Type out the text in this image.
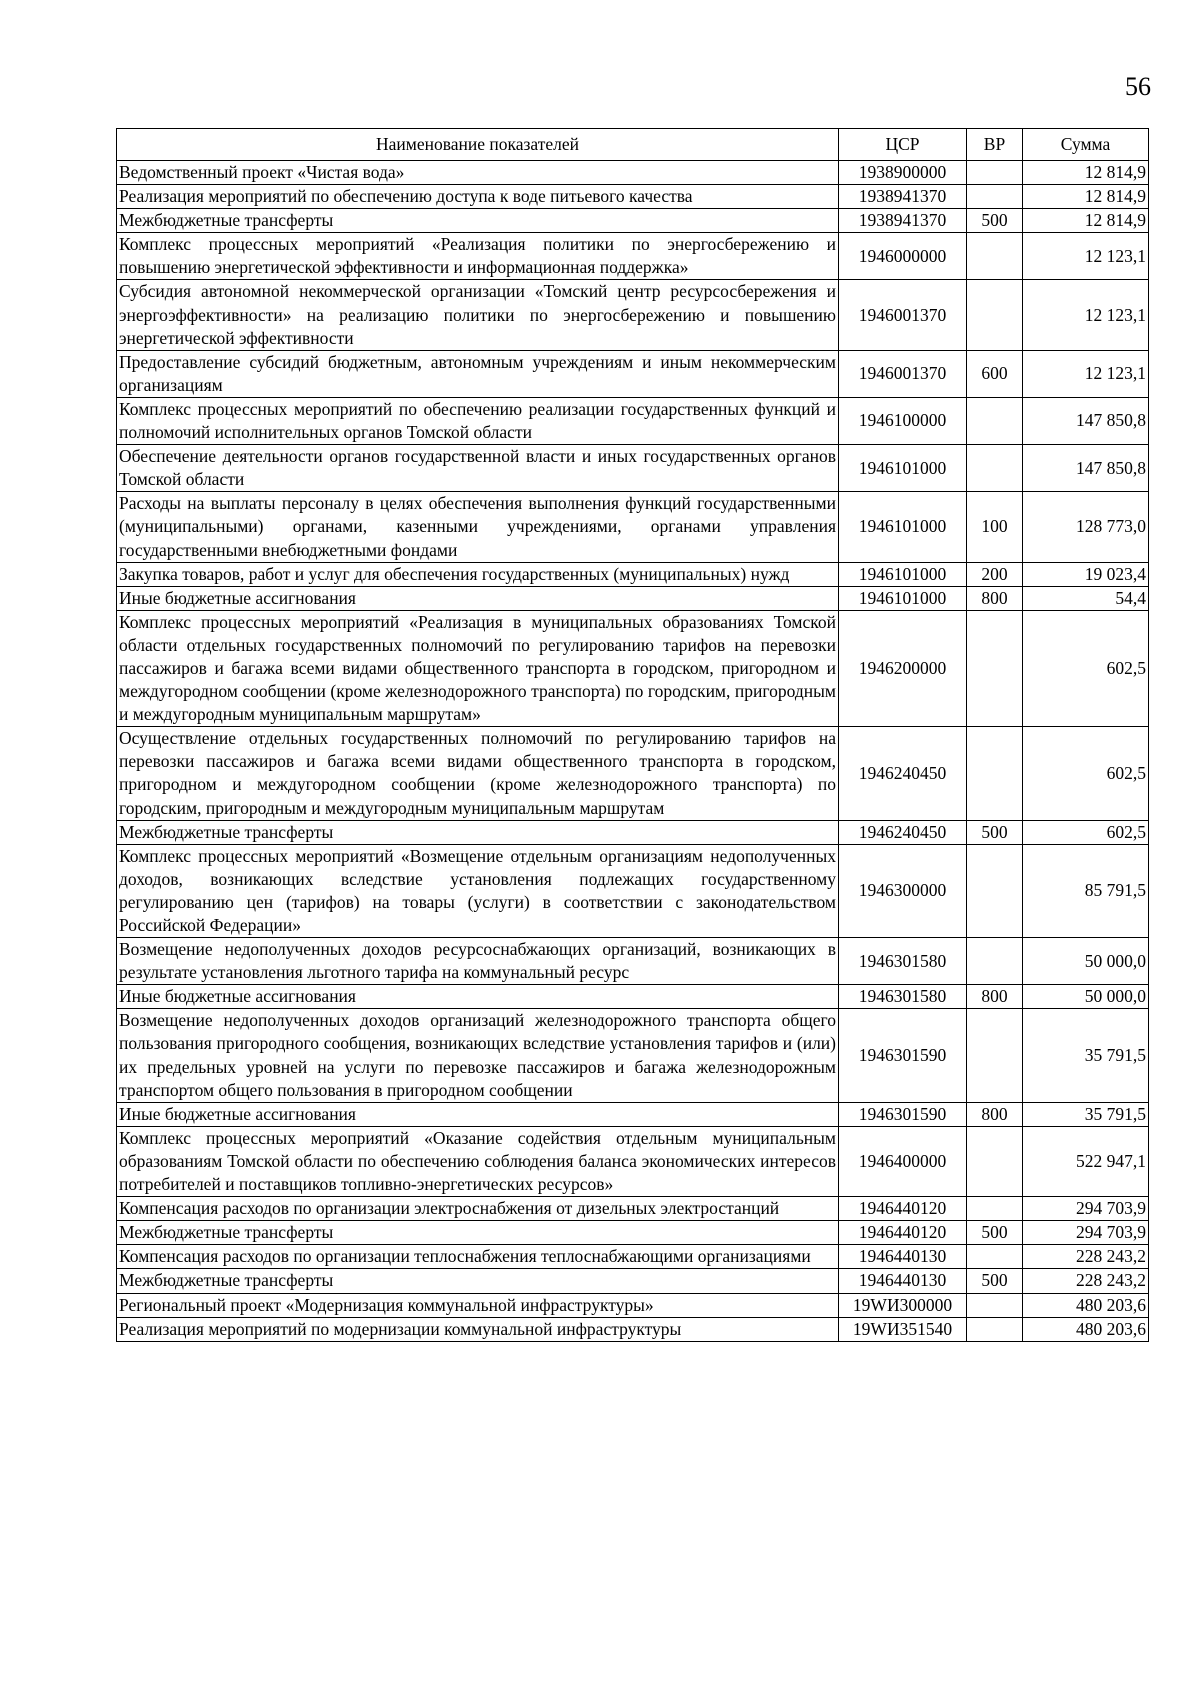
56
Наименование показателей	ЦСР	ВР	Сумма
Ведомственный проект «Чистая вода»	1938900000		12 814,9
Реализация мероприятий по обеспечению доступа к воде питьевого качества	1938941370		12 814,9
Межбюджетные трансферты	1938941370	500	12 814,9
Комплекс процессных мероприятий «Реализация политики по энергосбережению и повышению энергетической эффективности и информационная поддержка»	1946000000		12 123,1
Субсидия автономной некоммерческой организации «Томский центр ресурсосбережения и энергоэффективности» на реализацию политики по энергосбережению и повышению энергетической эффективности	1946001370		12 123,1
Предоставление субсидий бюджетным, автономным учреждениям и иным некоммерческим организациям	1946001370	600	12 123,1
Комплекс процессных мероприятий по обеспечению реализации государственных функций и полномочий исполнительных органов Томской области	1946100000		147 850,8
Обеспечение деятельности органов государственной власти и иных государственных органов Томской области	1946101000		147 850,8
Расходы на выплаты персоналу в целях обеспечения выполнения функций государственными (муниципальными) органами, казенными учреждениями, органами управления государственными внебюджетными фондами	1946101000	100	128 773,0
Закупка товаров, работ и услуг для обеспечения государственных (муниципальных) нужд	1946101000	200	19 023,4
Иные бюджетные ассигнования	1946101000	800	54,4
Комплекс процессных мероприятий «Реализация в муниципальных образованиях Томской области отдельных государственных полномочий по регулированию тарифов на перевозки пассажиров и багажа всеми видами общественного транспорта в городском, пригородном и междугородном сообщении (кроме железнодорожного транспорта) по городским, пригородным и междугородным муниципальным маршрутам»	1946200000		602,5
Осуществление отдельных государственных полномочий по регулированию тарифов на перевозки пассажиров и багажа всеми видами общественного транспорта в городском, пригородном и междугородном сообщении (кроме железнодорожного транспорта) по городским, пригородным и междугородным муниципальным маршрутам	1946240450		602,5
Межбюджетные трансферты	1946240450	500	602,5
Комплекс процессных мероприятий «Возмещение отдельным организациям недополученных доходов, возникающих вследствие установления подлежащих государственному регулированию цен (тарифов) на товары (услуги) в соответствии с законодательством Российской Федерации»	1946300000		85 791,5
Возмещение недополученных доходов ресурсоснабжающих организаций, возникающих в результате установления льготного тарифа на коммунальный ресурс	1946301580		50 000,0
Иные бюджетные ассигнования	1946301580	800	50 000,0
Возмещение недополученных доходов организаций железнодорожного транспорта общего пользования пригородного сообщения, возникающих вследствие установления тарифов и (или) их предельных уровней на услуги по перевозке пассажиров и багажа железнодорожным транспортом общего пользования в пригородном сообщении	1946301590		35 791,5
Иные бюджетные ассигнования	1946301590	800	35 791,5
Комплекс процессных мероприятий «Оказание содействия отдельным муниципальным образованиям Томской области по обеспечению соблюдения баланса экономических интересов потребителей и поставщиков топливно-энергетических ресурсов»	1946400000		522 947,1
Компенсация расходов по организации электроснабжения от дизельных электростанций	1946440120		294 703,9
Межбюджетные трансферты	1946440120	500	294 703,9
Компенсация расходов по организации теплоснабжения теплоснабжающими организациями	1946440130		228 243,2
Межбюджетные трансферты	1946440130	500	228 243,2
Региональный проект «Модернизация коммунальной инфраструктуры»	19WИ300000		480 203,6
Реализация мероприятий по модернизации коммунальной инфраструктуры	19WИ351540		480 203,6
